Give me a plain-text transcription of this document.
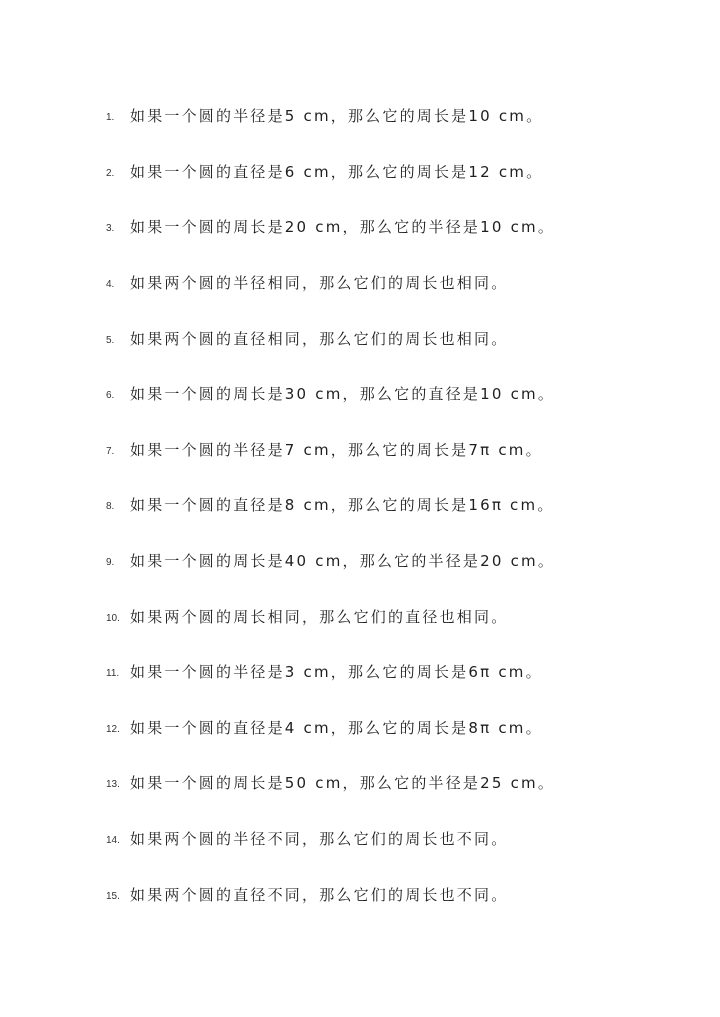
1.	如果一个圆的半径是5 cm，那么它的周长是10 cm。
2.	如果一个圆的直径是6 cm，那么它的周长是12 cm。
3.	如果一个圆的周长是20 cm，那么它的半径是10 cm。
4.	如果两个圆的半径相同，那么它们的周长也相同。
5.	如果两个圆的直径相同，那么它们的周长也相同。
6.	如果一个圆的周长是30 cm，那么它的直径是10 cm。
7.	如果一个圆的半径是7 cm，那么它的周长是7π cm。
8.	如果一个圆的直径是8 cm，那么它的周长是16π cm。
9.	如果一个圆的周长是40 cm，那么它的半径是20 cm。
10. 如果两个圆的周长相同，那么它们的直径也相同。
11. 如果一个圆的半径是3 cm，那么它的周长是6π cm。
12. 如果一个圆的直径是4 cm，那么它的周长是8π cm。
13. 如果一个圆的周长是50 cm，那么它的半径是25 cm。
14. 如果两个圆的半径不同，那么它们的周长也不同。
15. 如果两个圆的直径不同，那么它们的周长也不同。
